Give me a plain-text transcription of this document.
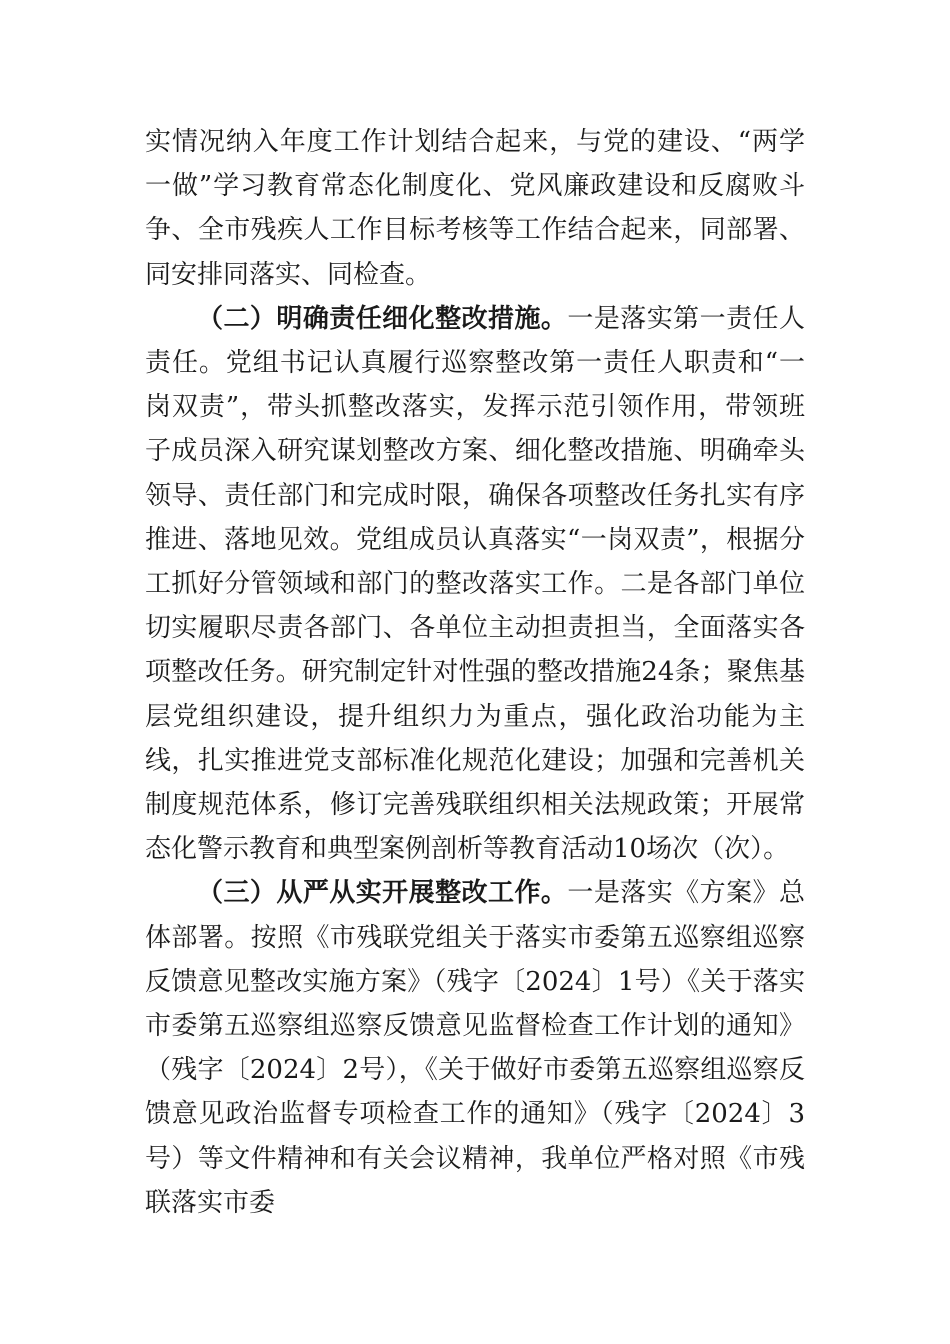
实情况纳入年度工作计划结合起来，与党的建设、“两学一做”学习教育常态化制度化、党风廉政建设和反腐败斗争、全市残疾人工作目标考核等工作结合起来，同部署、同安排同落实、同检查。

（二）明确责任细化整改措施。一是落实第一责任人责任。党组书记认真履行巡察整改第一责任人职责和“一岗双责”，带头抓整改落实，发挥示范引领作用，带领班子成员深入研究谋划整改方案、细化整改措施、明确牵头领导、责任部门和完成时限，确保各项整改任务扎实有序推进、落地见效。党组成员认真落实“一岗双责”，根据分工抓好分管领域和部门的整改落实工作。二是各部门单位切实履职尽责各部门、各单位主动担责担当，全面落实各项整改任务。研究制定针对性强的整改措施24条；聚焦基层党组织建设，提升组织力为重点，强化政治功能为主线，扎实推进党支部标准化规范化建设；加强和完善机关制度规范体系，修订完善残联组织相关法规政策；开展常态化警示教育和典型案例剖析等教育活动10场次（次）。

（三）从严从实开展整改工作。一是落实《方案》总体部署。按照《市残联党组关于落实市委第五巡察组巡察反馈意见整改实施方案》（残字〔2024〕1号）《关于落实市委第五巡察组巡察反馈意见监督检查工作计划的通知》（残字〔2024〕2号），《关于做好市委第五巡察组巡察反馈意见政治监督专项检查工作的通知》（残字〔2024〕3号）等文件精神和有关会议精神，我单位严格对照《市残联落实市委
